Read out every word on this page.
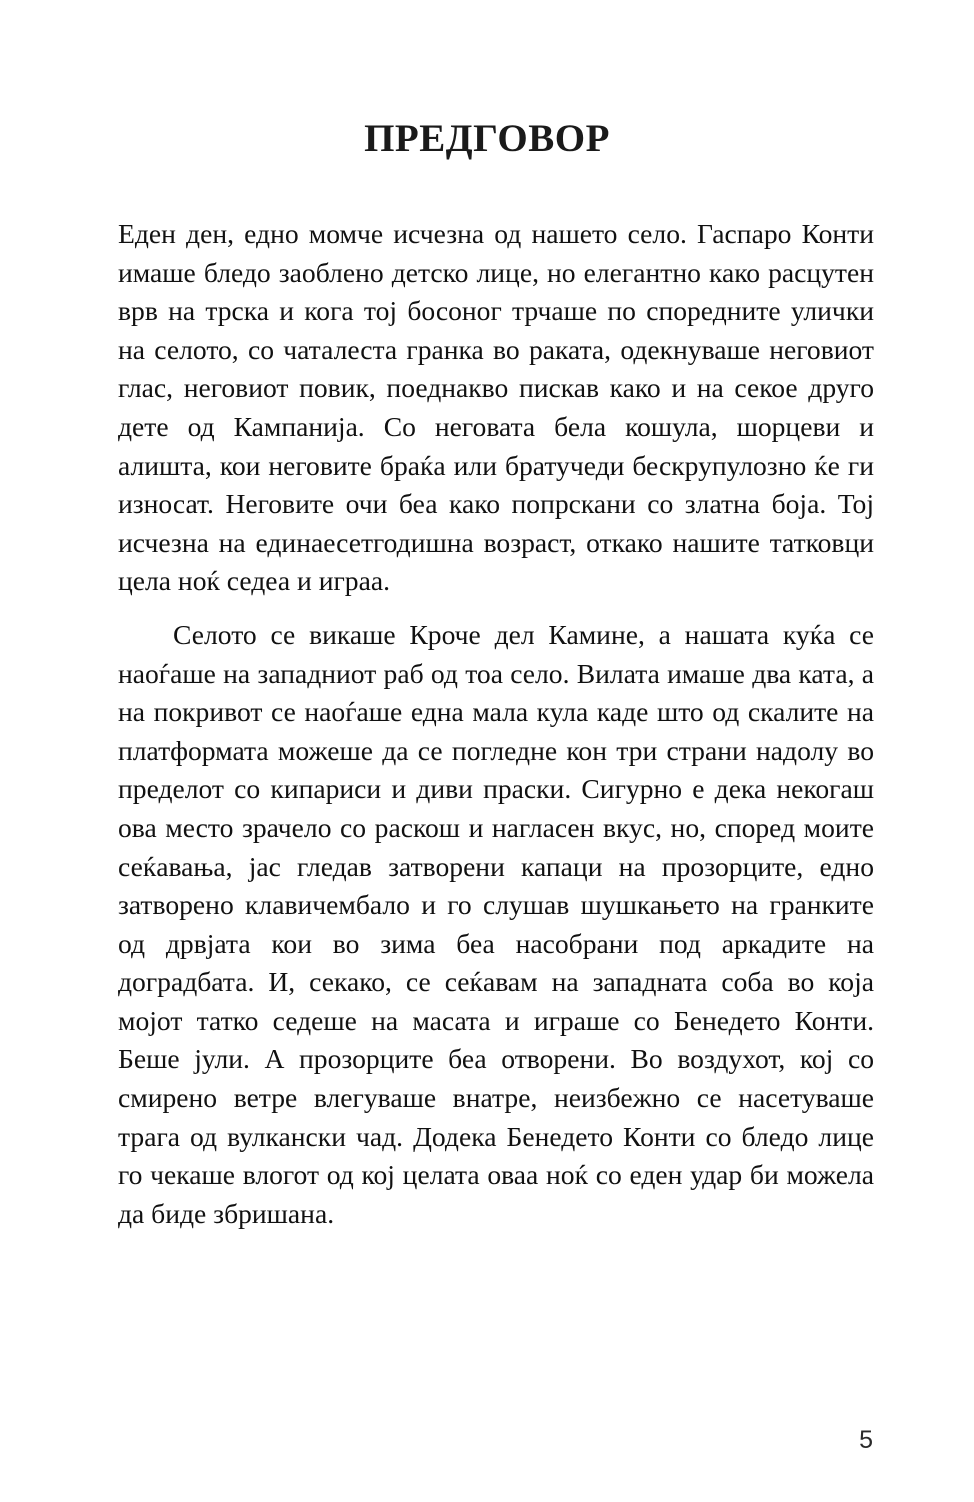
ПРЕДГОВОР

Еден ден, едно момче исчезна од нашето село. Гаспаро Конти имаше бледо заоблено детско лице, но елегантно како расцутен врв на трска и кога тој босоног трчаше по споредните улички на селото, со чаталеста гранка во раката, одекнуваше неговиот глас, неговиот повик, поеднакво пискав како и на секое друго дете од Кампанија. Со неговата бела кошула, шорцеви и алишта, кои неговите браќа или братучеди бескрупулозно ќе ги износат. Неговите очи беа како попрскани со златна боја. Тој исчезна на единаесетгодишна возраст, откако нашите татковци цела ноќ седеа и играа.

Селото се викаше Кроче дел Камине, а нашата куќа се наоѓаше на западниот раб од тоа село. Вилата имаше два ката, а на покривот се наоѓаше една мала кула каде што од скалите на платформата можеше да се погледне кон три страни надолу во пределот со кипариси и диви праски. Сигурно е дека некогаш ова место зрачело со раскош и нагласен вкус, но, според моите сеќавања, јас гледав затворени капаци на прозорците, едно затворено клавичембало и го слушав шушкањето на гранките од дрвјата кои во зима беа насобрани под аркадите на доградбата. И, секако, се сеќавам на западната соба во која мојот татко седеше на масата и играше со Бенедето Конти. Беше јули. А прозорците беа отворени. Во воздухот, кој со смирено ветре влегуваше внатре, неизбежно се насетуваше трага од вулкански чад. Додека Бенедето Конти со бледо лице го чекаше влогот од кој целата оваа ноќ со еден удар би можела да биде збришана.

5
